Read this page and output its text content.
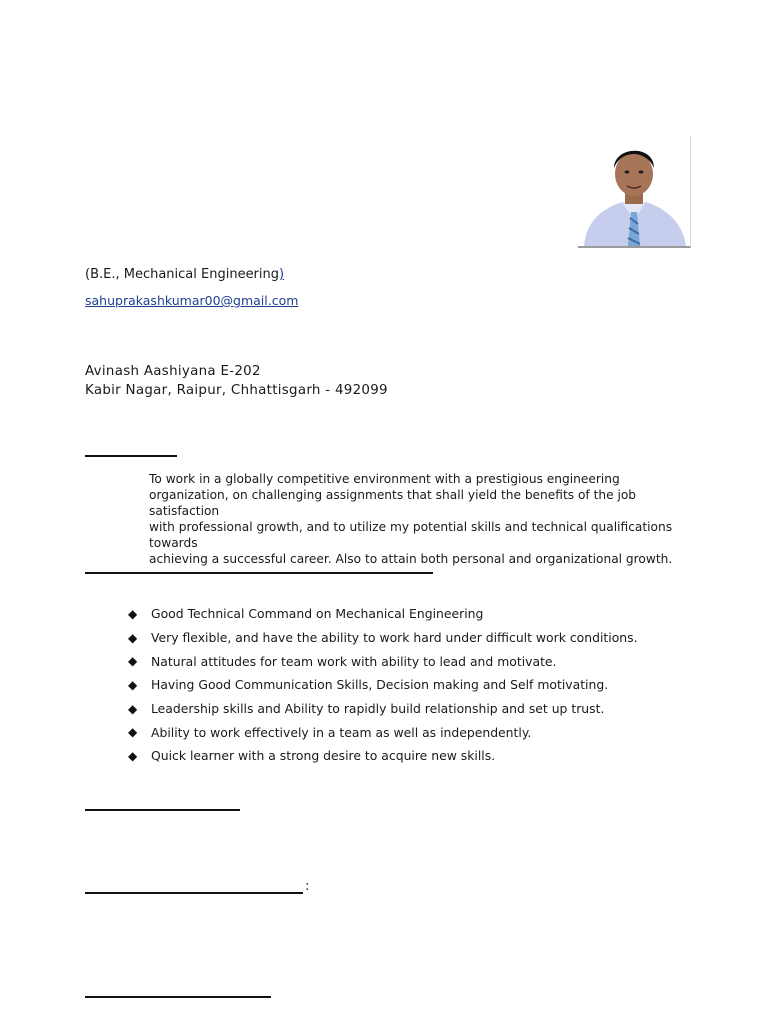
(B.E., Mechanical Engineering)
sahuprakashkumar00@gmail.com
Avinash Aashiyana E-202
Kabir Nagar, Raipur, Chhattisgarh - 492099
To work in a globally competitive environment with a prestigious engineering
organization, on challenging assignments that shall yield the benefits of the job satisfaction
with professional growth, and to utilize my potential skills and technical qualifications towards
achieving a successful career. Also to attain both personal and organizational growth.
◆ Good Technical Command on Mechanical Engineering
◆ Very flexible, and have the ability to work hard under difficult work conditions.
◆ Natural attitudes for team work with ability to lead and motivate.
◆ Having Good Communication Skills, Decision making and Self motivating.
◆ Leadership skills and Ability to rapidly build relationship and set up trust.
◆ Ability to work effectively in a team as well as independently.
◆ Quick learner with a strong desire to acquire new skills.
:
